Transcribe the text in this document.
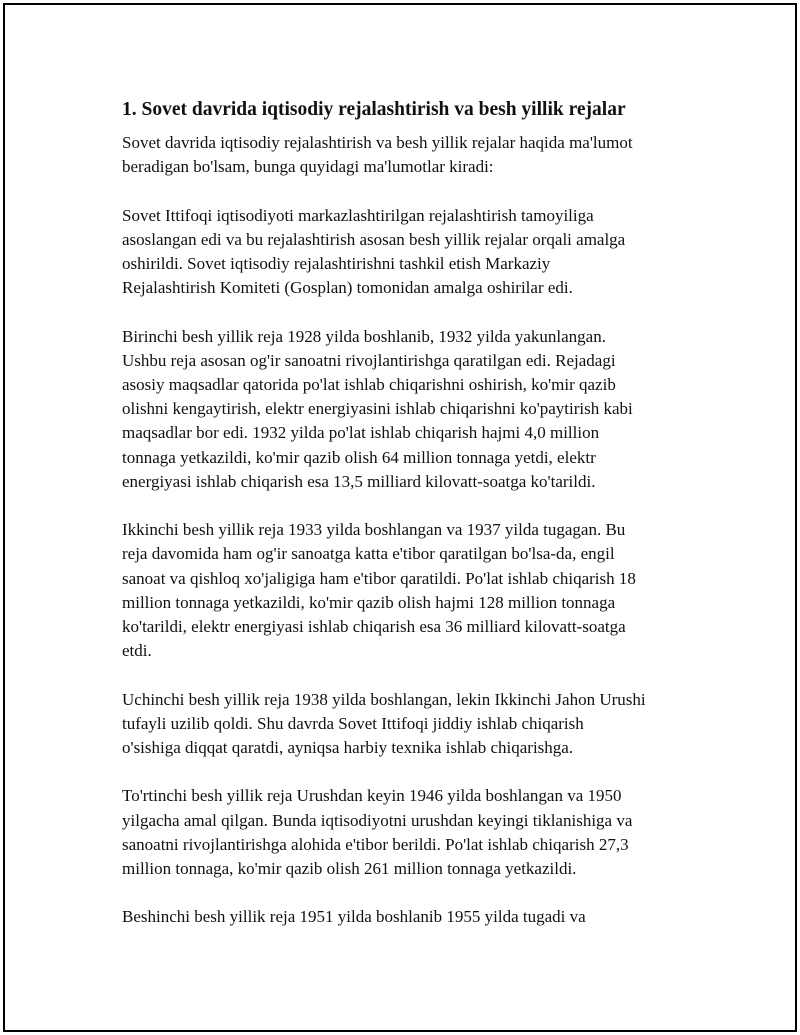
1. Sovet davrida iqtisodiy rejalashtirish va besh yillik rejalar

Sovet davrida iqtisodiy rejalashtirish va besh yillik rejalar haqida ma'lumot
beradigan bo'lsam, bunga quyidagi ma'lumotlar kiradi:

Sovet Ittifoqi iqtisodiyoti markazlashtirilgan rejalashtirish tamoyiliga
asoslangan edi va bu rejalashtirish asosan besh yillik rejalar orqali amalga
oshirildi. Sovet iqtisodiy rejalashtirishni tashkil etish Markaziy
Rejalashtirish Komiteti (Gosplan) tomonidan amalga oshirilar edi.

Birinchi besh yillik reja 1928 yilda boshlanib, 1932 yilda yakunlangan.
Ushbu reja asosan og'ir sanoatni rivojlantirishga qaratilgan edi. Rejadagi
asosiy maqsadlar qatorida po'lat ishlab chiqarishni oshirish, ko'mir qazib
olishni kengaytirish, elektr energiyasini ishlab chiqarishni ko'paytirish kabi
maqsadlar bor edi. 1932 yilda po'lat ishlab chiqarish hajmi 4,0 million
tonnaga yetkazildi, ko'mir qazib olish 64 million tonnaga yetdi, elektr
energiyasi ishlab chiqarish esa 13,5 milliard kilovatt-soatga ko'tarildi.

Ikkinchi besh yillik reja 1933 yilda boshlangan va 1937 yilda tugagan. Bu
reja davomida ham og'ir sanoatga katta e'tibor qaratilgan bo'lsa-da, engil
sanoat va qishloq xo'jaligiga ham e'tibor qaratildi. Po'lat ishlab chiqarish 18
million tonnaga yetkazildi, ko'mir qazib olish hajmi 128 million tonnaga
ko'tarildi, elektr energiyasi ishlab chiqarish esa 36 milliard kilovatt-soatga
etdi.

Uchinchi besh yillik reja 1938 yilda boshlangan, lekin Ikkinchi Jahon Urushi
tufayli uzilib qoldi. Shu davrda Sovet Ittifoqi jiddiy ishlab chiqarish
o'sishiga diqqat qaratdi, ayniqsa harbiy texnika ishlab chiqarishga.

To'rtinchi besh yillik reja Urushdan keyin 1946 yilda boshlangan va 1950
yilgacha amal qilgan. Bunda iqtisodiyotni urushdan keyingi tiklanishiga va
sanoatni rivojlantirishga alohida e'tibor berildi. Po'lat ishlab chiqarish 27,3
million tonnaga, ko'mir qazib olish 261 million tonnaga yetkazildi.

Beshinchi besh yillik reja 1951 yilda boshlanib 1955 yilda tugadi va
